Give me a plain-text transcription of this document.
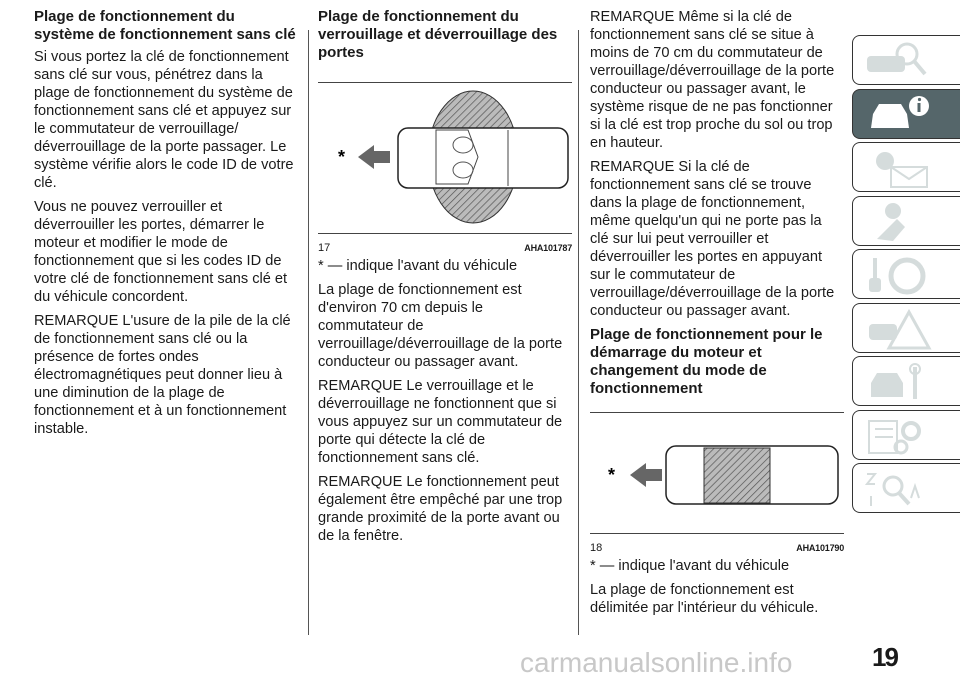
Plage de fonctionnement du système de fonctionnement sans clé

Si vous portez la clé de fonctionnement sans clé sur vous, pénétrez dans la plage de fonctionnement du système de fonctionnement sans clé et appuyez sur le commutateur de verrouillage/ déverrouillage de la porte passager. Le système vérifie alors le code ID de votre clé.

Vous ne pouvez verrouiller et déverrouiller les portes, démarrer le moteur et modifier le mode de fonctionnement que si les codes ID de votre clé de fonctionnement sans clé et du véhicule concordent.

REMARQUE L'usure de la pile de la clé de fonctionnement sans clé ou la présence de fortes ondes électromagnétiques peut donner lieu à une diminution de la plage de fonctionnement et à un fonctionnement instable.

Plage de fonctionnement du verrouillage et déverrouillage des portes
*
17	AHA101787

* — indique l'avant du véhicule

La plage de fonctionnement est d'environ 70 cm depuis le commutateur de verrouillage/déverrouillage de la porte conducteur ou passager avant.

REMARQUE Le verrouillage et le déverrouillage ne fonctionnent que si vous appuyez sur un commutateur de porte qui détecte la clé de fonctionnement sans clé.

REMARQUE Le fonctionnement peut également être empêché par une trop grande proximité de la porte avant ou de la fenêtre.

REMARQUE Même si la clé de fonctionnement sans clé se situe à moins de 70 cm du commutateur de verrouillage/déverrouillage de la porte conducteur ou passager avant, le système risque de ne pas fonctionner si la clé est trop proche du sol ou trop en hauteur.

REMARQUE Si la clé de fonctionnement sans clé se trouve dans la plage de fonctionnement, même quelqu'un qui ne porte pas la clé sur lui peut verrouiller et déverrouiller les portes en appuyant sur le commutateur de verrouillage/déverrouillage de la porte conducteur ou passager avant.

Plage de fonctionnement pour le démarrage du moteur et changement du mode de fonctionnement
*
18	AHA101790

* — indique l'avant du véhicule

La plage de fonctionnement est délimitée par l'intérieur du véhicule.

carmanualsonline.info	19
